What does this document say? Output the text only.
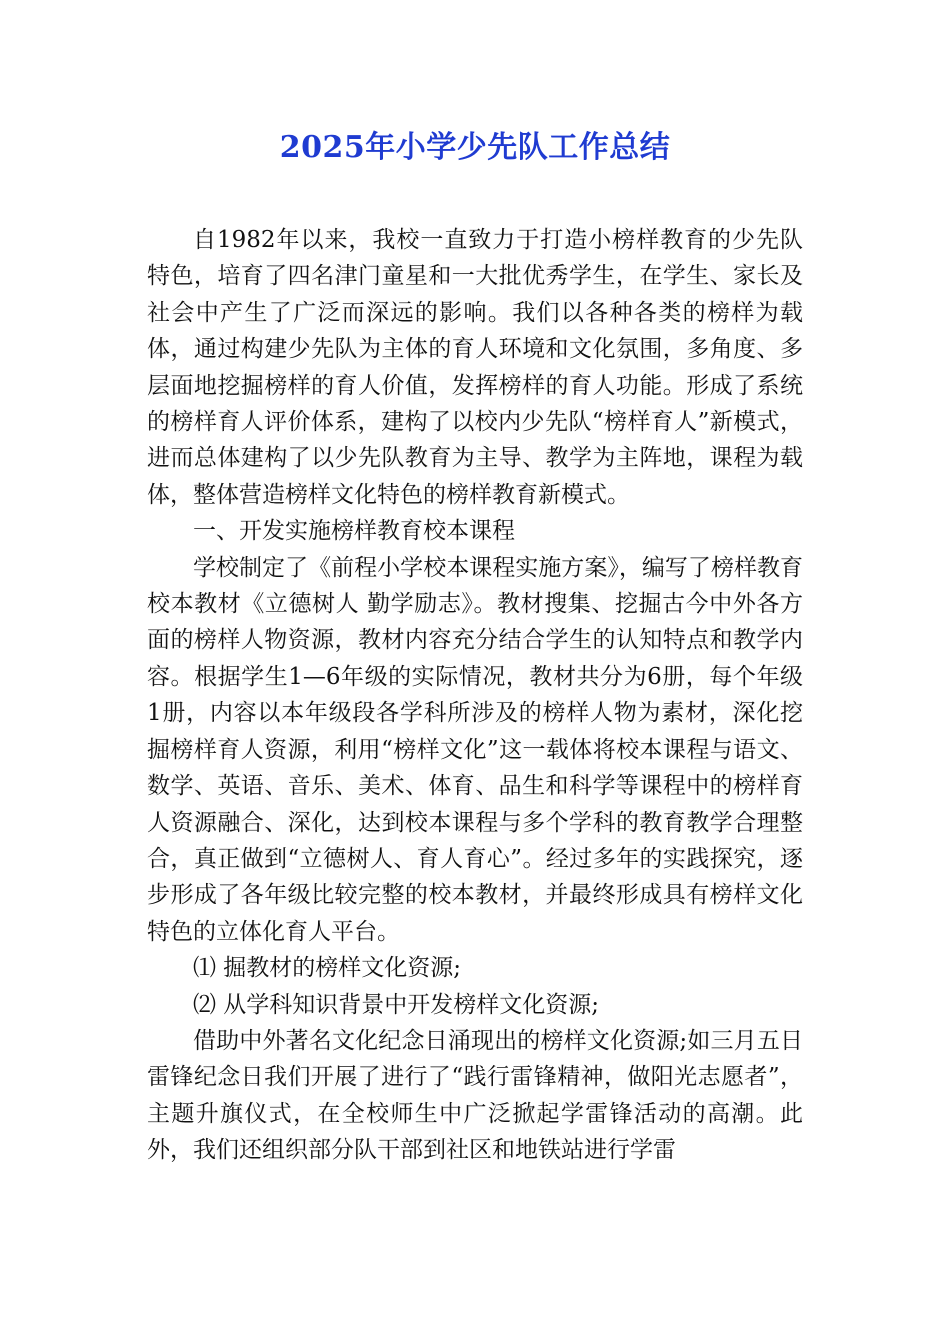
2025年小学少先队工作总结

自1982年以来，我校一直致力于打造小榜样教育的少先队特色，培育了四名津门童星和一大批优秀学生，在学生、家长及社会中产生了广泛而深远的影响。我们以各种各类的榜样为载体，通过构建少先队为主体的育人环境和文化氛围，多角度、多层面地挖掘榜样的育人价值，发挥榜样的育人功能。形成了系统的榜样育人评价体系，建构了以校内少先队“榜样育人”新模式，进而总体建构了以少先队教育为主导、教学为主阵地，课程为载体，整体营造榜样文化特色的榜样教育新模式。

一、开发实施榜样教育校本课程

学校制定了《前程小学校本课程实施方案》，编写了榜样教育校本教材《立德树人 勤学励志》。教材搜集、挖掘古今中外各方面的榜样人物资源，教材内容充分结合学生的认知特点和教学内容。根据学生1—6年级的实际情况，教材共分为6册，每个年级1册，内容以本年级段各学科所涉及的榜样人物为素材，深化挖掘榜样育人资源，利用“榜样文化”这一载体将校本课程与语文、数学、英语、音乐、美术、体育、品生和科学等课程中的榜样育人资源融合、深化，达到校本课程与多个学科的教育教学合理整合，真正做到“立德树人、育人育心”。经过多年的实践探究，逐步形成了各年级比较完整的校本教材，并最终形成具有榜样文化特色的立体化育人平台。

⑴ 掘教材的榜样文化资源;

⑵ 从学科知识背景中开发榜样文化资源;

借助中外著名文化纪念日涌现出的榜样文化资源;如三月五日雷锋纪念日我们开展了进行了“践行雷锋精神，做阳光志愿者”，主题升旗仪式，在全校师生中广泛掀起学雷锋活动的高潮。此外，我们还组织部分队干部到社区和地铁站进行学雷
